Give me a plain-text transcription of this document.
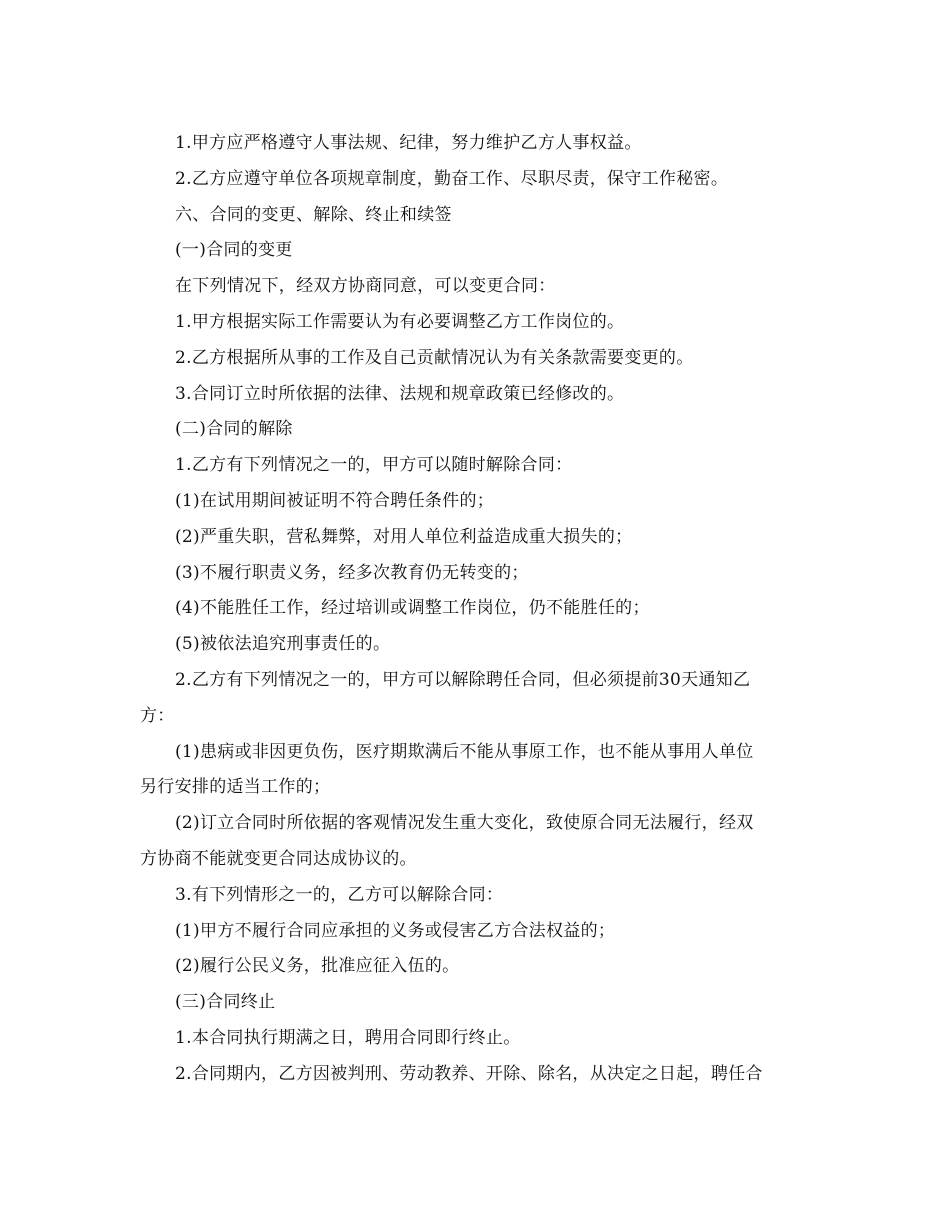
1.甲方应严格遵守人事法规、纪律，努力维护乙方人事权益。
2.乙方应遵守单位各项规章制度，勤奋工作、尽职尽责，保守工作秘密。
六、合同的变更、解除、终止和续签
(一)合同的变更
在下列情况下，经双方协商同意，可以变更合同：
1.甲方根据实际工作需要认为有必要调整乙方工作岗位的。
2.乙方根据所从事的工作及自己贡献情况认为有关条款需要变更的。
3.合同订立时所依据的法律、法规和规章政策已经修改的。
(二)合同的解除
1.乙方有下列情况之一的，甲方可以随时解除合同：
(1)在试用期间被证明不符合聘任条件的；
(2)严重失职，营私舞弊，对用人单位利益造成重大损失的；
(3)不履行职责义务，经多次教育仍无转变的；
(4)不能胜任工作，经过培训或调整工作岗位，仍不能胜任的；
(5)被依法追究刑事责任的。
2.乙方有下列情况之一的，甲方可以解除聘任合同，但必须提前30天通知乙
方：
(1)患病或非因更负伤，医疗期欺满后不能从事原工作，也不能从事用人单位
另行安排的适当工作的；
(2)订立合同时所依据的客观情况发生重大变化，致使原合同无法履行，经双
方协商不能就变更合同达成协议的。
3.有下列情形之一的，乙方可以解除合同：
(1)甲方不履行合同应承担的义务或侵害乙方合法权益的；
(2)履行公民义务，批准应征入伍的。
(三)合同终止
1.本合同执行期满之日，聘用合同即行终止。
2.合同期内，乙方因被判刑、劳动教养、开除、除名，从决定之日起，聘任合
